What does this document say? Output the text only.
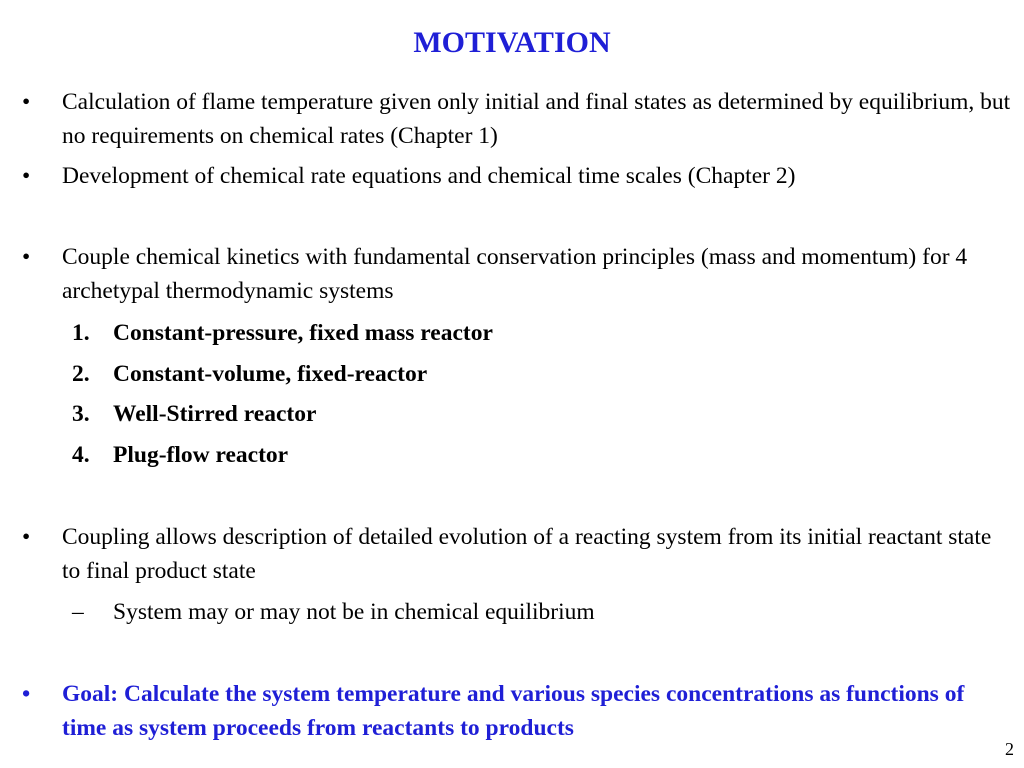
MOTIVATION
•	Calculation of flame temperature given only initial and final states as determined by equilibrium, but no requirements on chemical rates (Chapter 1)
•	Development of chemical rate equations and chemical time scales (Chapter 2)
•	Couple chemical kinetics with fundamental conservation principles (mass and momentum) for 4 archetypal thermodynamic systems
1. Constant-pressure, fixed mass reactor
2. Constant-volume, fixed-reactor
3. Well-Stirred reactor
4. Plug-flow reactor
•	Coupling allows description of detailed evolution of a reacting system from its initial reactant state to final product state
– System may or may not be in chemical equilibrium
•	Goal: Calculate the system temperature and various species concentrations as functions of time as system proceeds from reactants to products
2
